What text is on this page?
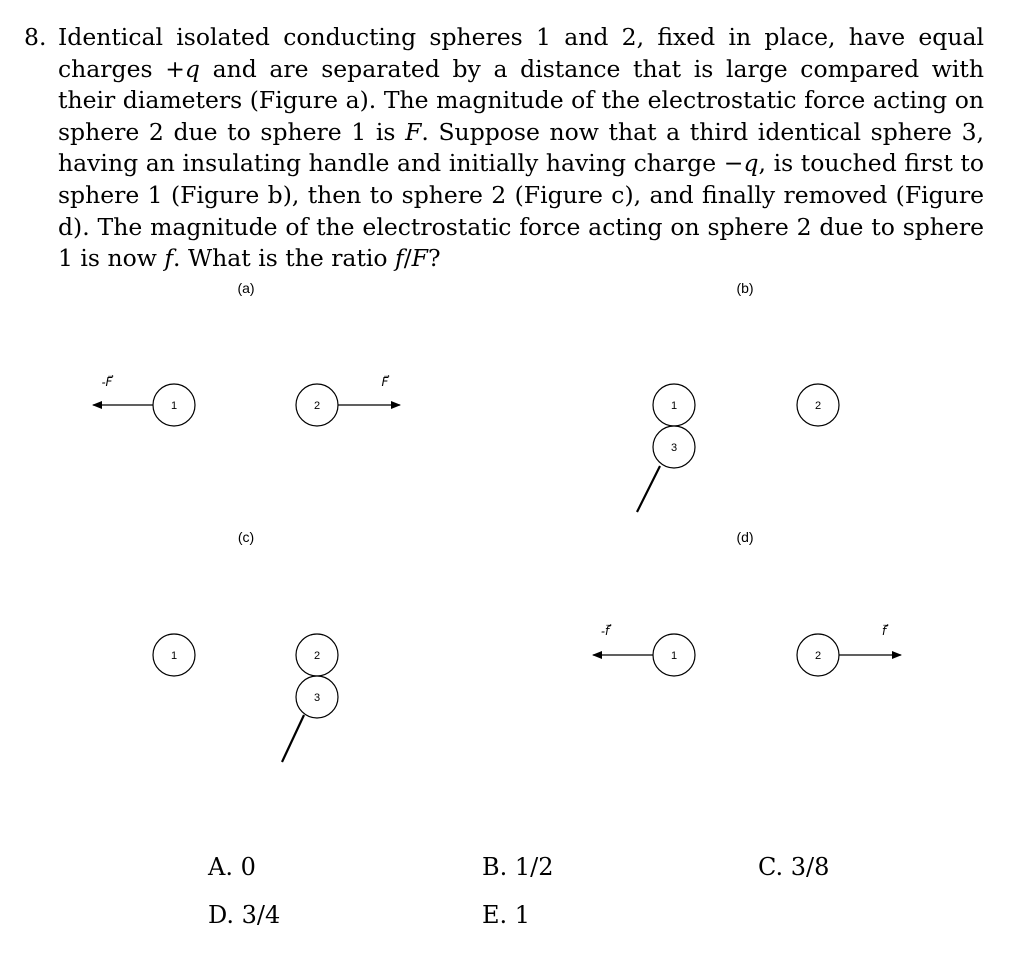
8. Identical isolated conducting spheres 1 and 2, fixed in place, have equal charges +q and are separated by a distance that is large compared with their diameters (Figure a). The magnitude of the electrostatic force acting on sphere 2 due to sphere 1 is F. Suppose now that a third identical sphere 3, having an insulating handle and initially having charge −q, is touched first to sphere 1 (Figure b), then to sphere 2 (Figure c), and finally removed (Figure d). The magnitude of the electrostatic force acting on sphere 2 due to sphere 1 is now f. What is the ratio f/F?
(a)
-F⃗
1	2
F⃗
(b)
1
3
2
(c)
1	2
3
(d)
-f⃗
1	2
f⃗
A. 0	B. 1/2	C. 3/8
D. 3/4	E. 1
